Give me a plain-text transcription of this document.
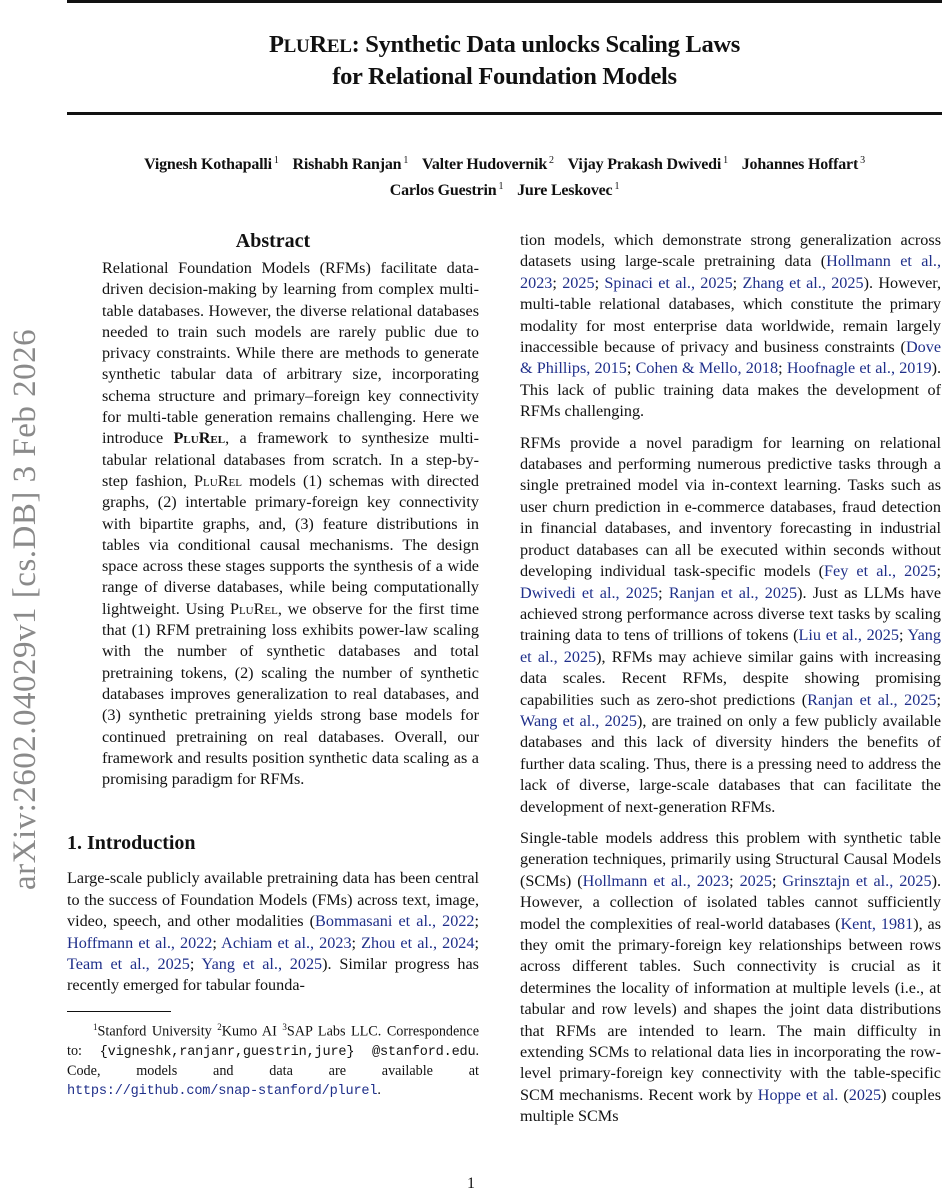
PLUREL: Synthetic Data unlocks Scaling Laws
for Relational Foundation Models
Vignesh Kothapalli $^1$ Rishabh Ranjan $^1$ Valter Hudovernik $^2$ Vijay Prakash Dwivedi $^1$ Johannes Hoffart $^3$
Carlos Guestrin $^1$ Jure Leskovec $^1$
arXiv:2602.04029v1 [cs.DB] 3 Feb 2026
Abstract
Relational Foundation Models (RFMs) facilitate data-driven decision-making by learning from complex multi-table databases. However, the diverse relational databases needed to train such models are rarely public due to privacy constraints. While there are methods to generate synthetic tabular data of arbitrary size, incorporating schema structure and primary–foreign key connectivity for multi-table generation remains challenging. Here we introduce PluRel, a framework to synthesize multi-tabular relational databases from scratch. In a step-by-step fashion, PluRel models (1) schemas with directed graphs, (2) intertable primary-foreign key connectivity with bipartite graphs, and, (3) feature distributions in tables via conditional causal mechanisms. The design space across these stages supports the synthesis of a wide range of diverse databases, while being computationally lightweight. Using PluRel, we observe for the first time that (1) RFM pretraining loss exhibits power-law scaling with the number of synthetic databases and total pretraining tokens, (2) scaling the number of synthetic databases improves generalization to real databases, and (3) synthetic pretraining yields strong base models for continued pretraining on real databases. Overall, our framework and results position synthetic data scaling as a promising paradigm for RFMs.
1. Introduction

Large-scale publicly available pretraining data has been central to the success of Foundation Models (FMs) across text, image, video, speech, and other modalities (Bommasani et al., 2022; Hoffmann et al., 2022; Achiam et al., 2023; Zhou et al., 2024; Team et al., 2025; Yang et al., 2025). Similar progress has recently emerged for tabular founda-

$^1$Stanford University $^2$Kumo AI $^3$SAP Labs LLC. Correspondence to: {vigneshk,ranjanr,guestrin,jure} @stanford.edu. Code, models and data are available at https://github.com/snap-stanford/plurel.

tion models, which demonstrate strong generalization across datasets using large-scale pretraining data (Hollmann et al., 2023; 2025; Spinaci et al., 2025; Zhang et al., 2025). However, multi-table relational databases, which constitute the primary modality for most enterprise data worldwide, remain largely inaccessible because of privacy and business constraints (Dove & Phillips, 2015; Cohen & Mello, 2018; Hoofnagle et al., 2019). This lack of public training data makes the development of RFMs challenging.

RFMs provide a novel paradigm for learning on relational databases and performing numerous predictive tasks through a single pretrained model via in-context learning. Tasks such as user churn prediction in e-commerce databases, fraud detection in financial databases, and inventory forecasting in industrial product databases can all be executed within seconds without developing individual task-specific models (Fey et al., 2025; Dwivedi et al., 2025; Ranjan et al., 2025). Just as LLMs have achieved strong performance across diverse text tasks by scaling training data to tens of trillions of tokens (Liu et al., 2025; Yang et al., 2025), RFMs may achieve similar gains with increasing data scales. Recent RFMs, despite showing promising capabilities such as zero-shot predictions (Ranjan et al., 2025; Wang et al., 2025), are trained on only a few publicly available databases and this lack of diversity hinders the benefits of further data scaling. Thus, there is a pressing need to address the lack of diverse, large-scale databases that can facilitate the development of next-generation RFMs.

Single-table models address this problem with synthetic table generation techniques, primarily using Structural Causal Models (SCMs) (Hollmann et al., 2023; 2025; Grinsztajn et al., 2025). However, a collection of isolated tables cannot sufficiently model the complexities of real-world databases (Kent, 1981), as they omit the primary-foreign key relationships between rows across different tables. Such connectivity is crucial as it determines the locality of information at multiple levels (i.e., at tabular and row levels) and shapes the joint data distributions that RFMs are intended to learn. The main difficulty in extending SCMs to relational data lies in incorporating the row-level primary-foreign key connectivity with the table-specific SCM mechanisms. Recent work by Hoppe et al. (2025) couples multiple SCMs

1
